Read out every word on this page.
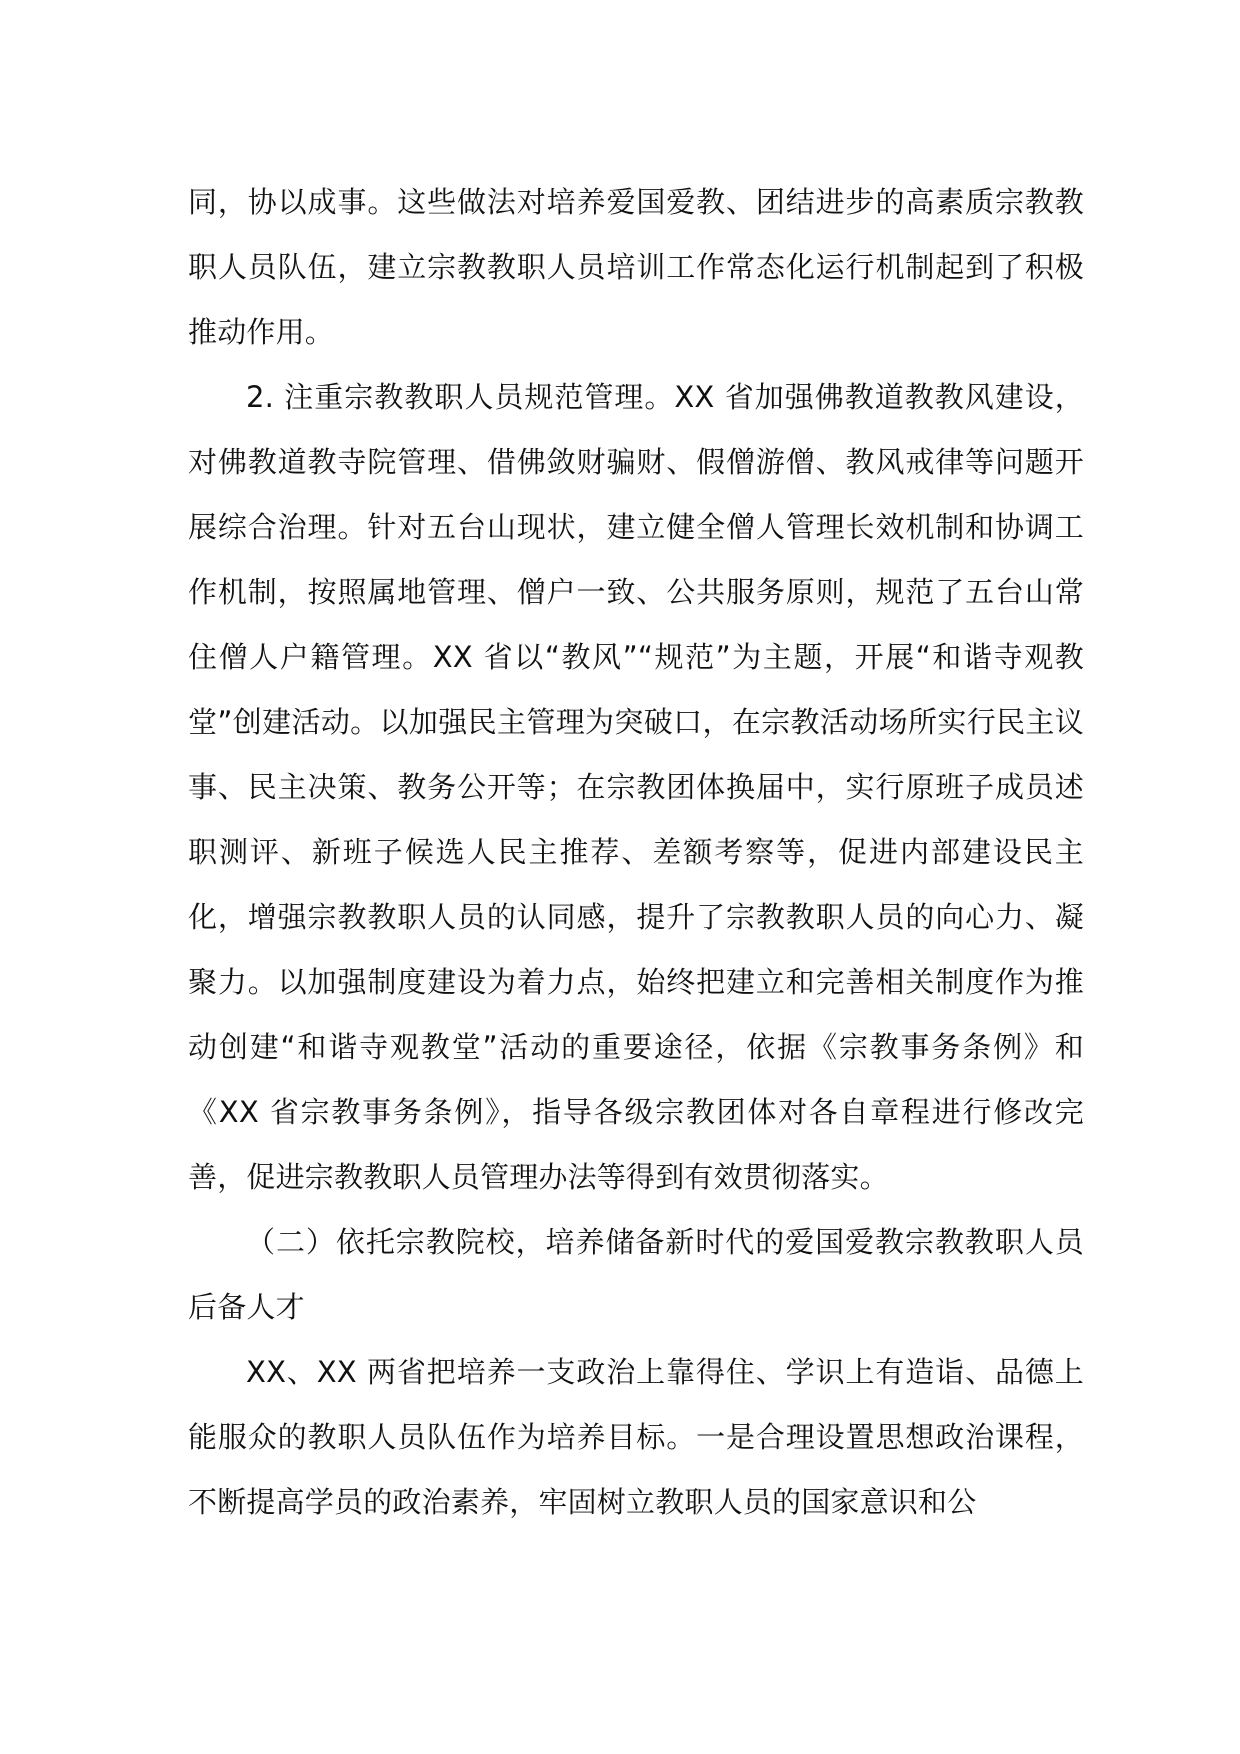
同，协以成事。这些做法对培养爱国爱教、团结进步的高素质宗教教职人员队伍，建立宗教教职人员培训工作常态化运行机制起到了积极推动作用。

2. 注重宗教教职人员规范管理。XX 省加强佛教道教教风建设，对佛教道教寺院管理、借佛敛财骗财、假僧游僧、教风戒律等问题开展综合治理。针对五台山现状，建立健全僧人管理长效机制和协调工作机制，按照属地管理、僧户一致、公共服务原则，规范了五台山常住僧人户籍管理。XX 省以“教风”“规范”为主题，开展“和谐寺观教堂”创建活动。以加强民主管理为突破口，在宗教活动场所实行民主议事、民主决策、教务公开等；在宗教团体换届中，实行原班子成员述职测评、新班子候选人民主推荐、差额考察等，促进内部建设民主化，增强宗教教职人员的认同感，提升了宗教教职人员的向心力、凝聚力。以加强制度建设为着力点，始终把建立和完善相关制度作为推动创建“和谐寺观教堂”活动的重要途径，依据《宗教事务条例》和《XX 省宗教事务条例》，指导各级宗教团体对各自章程进行修改完善，促进宗教教职人员管理办法等得到有效贯彻落实。

（二）依托宗教院校，培养储备新时代的爱国爱教宗教教职人员后备人才

XX、XX 两省把培养一支政治上靠得住、学识上有造诣、品德上能服众的教职人员队伍作为培养目标。一是合理设置思想政治课程，不断提高学员的政治素养，牢固树立教职人员的国家意识和公
